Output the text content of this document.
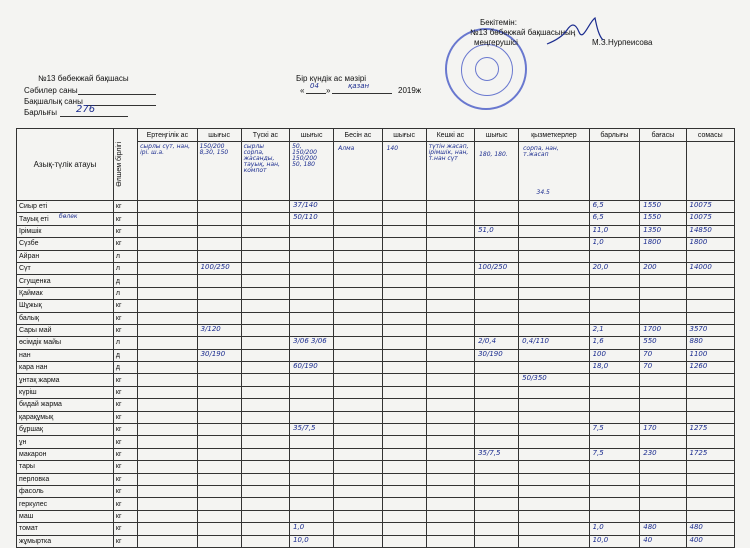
Бекітемін:
№13 бөбекжай бақшасының
меңгерушісі	М.З.Нурпеисова
№13 бөбекжай бақшасы	Бір күндік ас мәзірі
Сәбилер саны
Бақшалық саны
Барлығы 276
« 04 »	қазан	2019ж
Азық-түлік атауы	Өлшем бірлігі	Ертеңгілік ас	шығыс	Түскі ас	шығыс	Бесін ас	шығыс	Кешкі ас	шығыс	қызметкерлер	барлығы	бағасы	сомасы

		сырлы сүт, нан, ірі. ш.а.	150/200 8,30, 150	сырлы сорпа, жасанды, тауық, нан, компот	50, 150/200 150/200 50, 180	Алма	140	түтін жасап, ірімшік, нан, т.нан сүт	180, 180.	сорпа, нан, т.жасап			34.5

Сиыр еті	кг				37/140						6,5	1550	10075

Тауық еті бөлек	кг				50/110						6,5	1550	10075

Ірімшік	кг								51,0		11,0	1350	14850

Сүзбе	кг										1,0	1800	1800

Айран	л												
Сүт	л		100/250						100/250		20,0	200	14000

Сгущенка	д												
Қаймак	л												
Шұжық	кг												
балық	кг												
Сары май	кг		3/120								2,1	1700	3570

өсімдік майы	л				3/06 3/06				2/0,4	0,4/110	1,6	550	880

нан	д		30/190						30/190		100	70	1100

кара нан	д				60/190						18,0	70	1260

ұнтақ жарма	кг									50/350			

күріш	кг												
бидай жарма	кг												
қарақұмық	кг												
бұршақ	кг				35/7,5						7,5	170	1275

ұн	кг												
макарон	кг								35/7,5		7,5	230	1725

тары	кг												
перловка	кг												
фасоль	кг												
геркулес	кг												
маш	кг												
томат	кг				1,0						1,0	480	480

жұмыртка	кг				10,0						10,0	40	400
